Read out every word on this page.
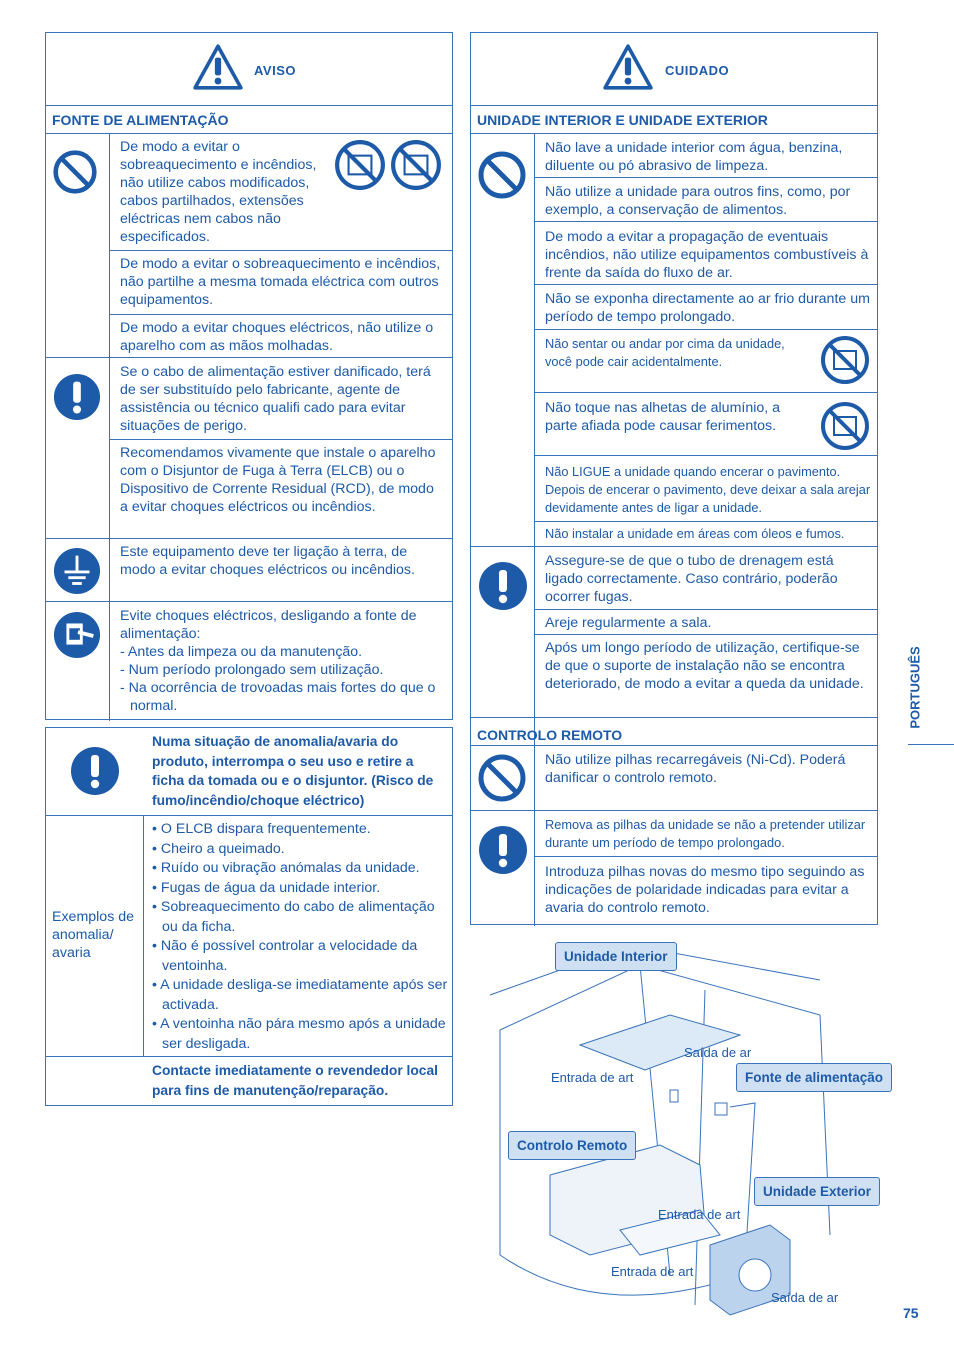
AVISO
FONTE DE ALIMENTAÇÃO
De modo a evitar o sobreaquecimento e incêndios, não utilize cabos modificados, cabos partilhados, extensões eléctricas nem cabos não especificados.
De modo a evitar o sobreaquecimento e incêndios, não partilhe a mesma tomada eléctrica com outros equipamentos.
De modo a evitar choques eléctricos, não utilize o aparelho com as mãos molhadas.
Se o cabo de alimentação estiver danificado, terá de ser substituído pelo fabricante, agente de assistência ou técnico qualifi cado para evitar situações de perigo.
Recomendamos vivamente que instale o aparelho com o Disjuntor de Fuga à Terra (ELCB) ou o Dispositivo de Corrente Residual (RCD), de modo a evitar choques eléctricos ou incêndios.
Este equipamento deve ter ligação à terra, de modo a evitar choques eléctricos ou incêndios.
Evite choques eléctricos, desligando a fonte de alimentação:
- Antes da limpeza ou da manutenção.
- Num período prolongado sem utilização.
- Na ocorrência de trovoadas mais fortes do que o normal.
Numa situação de anomalia/avaria do produto, interrompa o seu uso e retire a ficha da tomada ou e o disjuntor. (Risco de fumo/incêndio/choque eléctrico)
Exemplos de anomalia/ avaria
• O ELCB dispara frequentemente.
• Cheiro a queimado.
• Ruído ou vibração anómalas da unidade.
• Fugas de água da unidade interior.
• Sobreaquecimento do cabo de alimentação ou da ficha.
• Não é possível controlar a velocidade da ventoinha.
• A unidade desliga-se imediatamente após ser activada.
• A ventoinha não pára mesmo após a unidade ser desligada.
Contacte imediatamente o revendedor local para fins de manutenção/reparação.
CUIDADO
UNIDADE INTERIOR E UNIDADE EXTERIOR
Não lave a unidade interior com água, benzina, diluente ou pó abrasivo de limpeza.
Não utilize a unidade para outros fins, como, por exemplo, a conservação de alimentos.
De modo a evitar a propagação de eventuais incêndios, não utilize equipamentos combustíveis à frente da saída do fluxo de ar.
Não se exponha directamente ao ar frio durante um período de tempo prolongado.
Não sentar ou andar por cima da unidade, você pode cair acidentalmente.
Não toque nas alhetas de alumínio, a parte afiada pode causar ferimentos.
Não LIGUE a unidade quando encerar o pavimento. Depois de encerar o pavimento, deve deixar a sala arejar devidamente antes de ligar a unidade.
Não instalar a unidade em áreas com óleos e fumos.
Assegure-se de que o tubo de drenagem está ligado correctamente. Caso contrário, poderão ocorrer fugas.
Areje regularmente a sala.
Após um longo período de utilização, certifique-se de que o suporte de instalação não se encontra deteriorado, de modo a evitar a queda da unidade.
CONTROLO REMOTO
Não utilize pilhas recarregáveis (Ni-Cd). Poderá danificar o controlo remoto.
Remova as pilhas da unidade se não a pretender utilizar durante um período de tempo prolongado.
Introduza pilhas novas do mesmo tipo seguindo as indicações de polaridade indicadas para evitar a avaria do controlo remoto.
Unidade Interior
Fonte de alimentação
Controlo Remoto
Unidade Exterior
Saída de ar
Entrada de art
Entrada de art
Entrada de art
Saída de ar
PORTUGUÊS
75
